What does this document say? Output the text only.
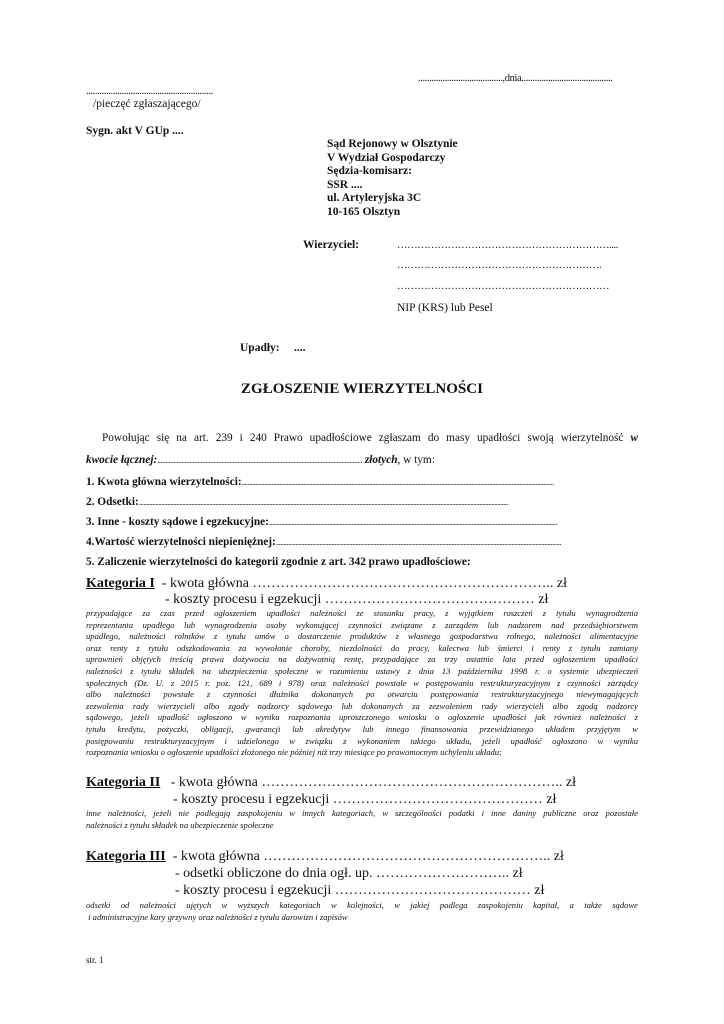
......................................,dnia.........................................
.........................................................
/pieczęć zgłaszającego/
Sygn. akt V GUp ....
Sąd Rejonowy w Olsztynie
V Wydział Gospodarczy
Sędzia-komisarz:
SSR ....
ul. Artyleryjska 3C
10-165 Olsztyn
Wierzyciel:	………………………………………………………....
…………………………………………………….
………………………………………………………
NIP (KRS) lub Pesel
Upadły: ....
ZGŁOSZENIE WIERZYTELNOŚCI
Powołując się na art. 239 i 240 Prawo upadłościowe zgłaszam do masy upadłości swoją wierzytelność w
kwocie łącznej:................................................................................................................................ złotych, w tym:
1. Kwota główna wierzytelności:................................................................................................................................................................................................................
2. Odsetki:......................................................................................................................................................................................................................................................
3. Inne - koszty sądowe i egzekucyjne:................................................................................................................................................................................................
4.Wartość wierzytelności niepieniężnej:..............................................................................................................................................................................................
5. Zaliczenie wierzytelności do kategorii zgodnie z art. 342 prawo upadłościowe:
Kategoria I - kwota główna ……………………………………………………….. zł
- koszty procesu i egzekucji ……………………………………… zł
przypadające za czas przed ogłoszeniem upadłości należności ze stosunku pracy, z wyjątkiem roszczeń z tytułu wynagrodzenia
reprezentanta upadłego lub wynagrodzenia osoby wykonującej czynności związane z zarządem lub nadzorem nad przedsiębiorstwem
upadłego, należności rolników z tytułu umów o dostarczenie produktów z własnego gospodarstwa rolnego, należności alimentacyjne
oraz renty z tytułu odszkodowania za wywołanie choroby, niezdolności do pracy, kalectwa lub śmierci i renty z tytułu zamiany
uprawnień objętych treścią prawa dożywocia na dożywotnią rentę, przypadające za trzy ostatnie lata przed ogłoszeniem upadłości
należności z tytułu składek na ubezpieczenia społeczne w rozumieniu ustawy z dnia 13 października 1998 r. o systemie ubezpieczeń
społecznych (Dz. U. z 2015 r. poz. 121, 689 i 978) oraz należności powstałe w postępowaniu restrukturyzacyjnym z czynności zarządcy
albo należności powstałe z czynności dłużnika dokonanych po otwarciu postępowania restrukturyzacyjnego niewymagających
zezwolenia rady wierzycieli albo zgody nadzorcy sądowego lub dokonanych za zezwoleniem rady wierzycieli albo zgodą nadzorcy
sądowego, jeżeli upadłość ogłoszono w wyniku rozpoznania uproszczonego wniosku o ogłoszenie upadłości jak również należności z
tytułu kredytu, pożyczki, obligacji, gwarancji lub akredytyw lub innego finansowania przewidzianego układem przyjętym w
postępowaniu restrukturyzacyjnym i udzielonego w związku z wykonaniem takiego układu, jeżeli upadłość ogłoszono w wyniku
rozpoznania wniosku o ogłoszenie upadłości złożonego nie później niż trzy miesiące po prawomocnym uchyleniu układu;
Kategoria II - kwota główna ……………………………………………………….. zł
- koszty procesu i egzekucji ……………………………………… zł
inne należności, jeżeli nie podlegają zaspokojeniu w innych kategoriach, w szczególności podatki i inne daniny publiczne oraz pozostałe
należności z tytułu składek na ubezpieczenie społeczne
Kategoria III - kwota główna …………………………………………………….. zł
- odsetki obliczone do dnia ogł. up. ……………………….. zł
- koszty procesu i egzekucji …………………………………… zł
odsetki od należności ujętych w wyższych kategoriach w kolejności, w jakiej podlega zaspokojeniu kapitał, a także sądowe
i administracyjne kary grzywny oraz należności z tytułu darowizn i zapisów
str. 1
